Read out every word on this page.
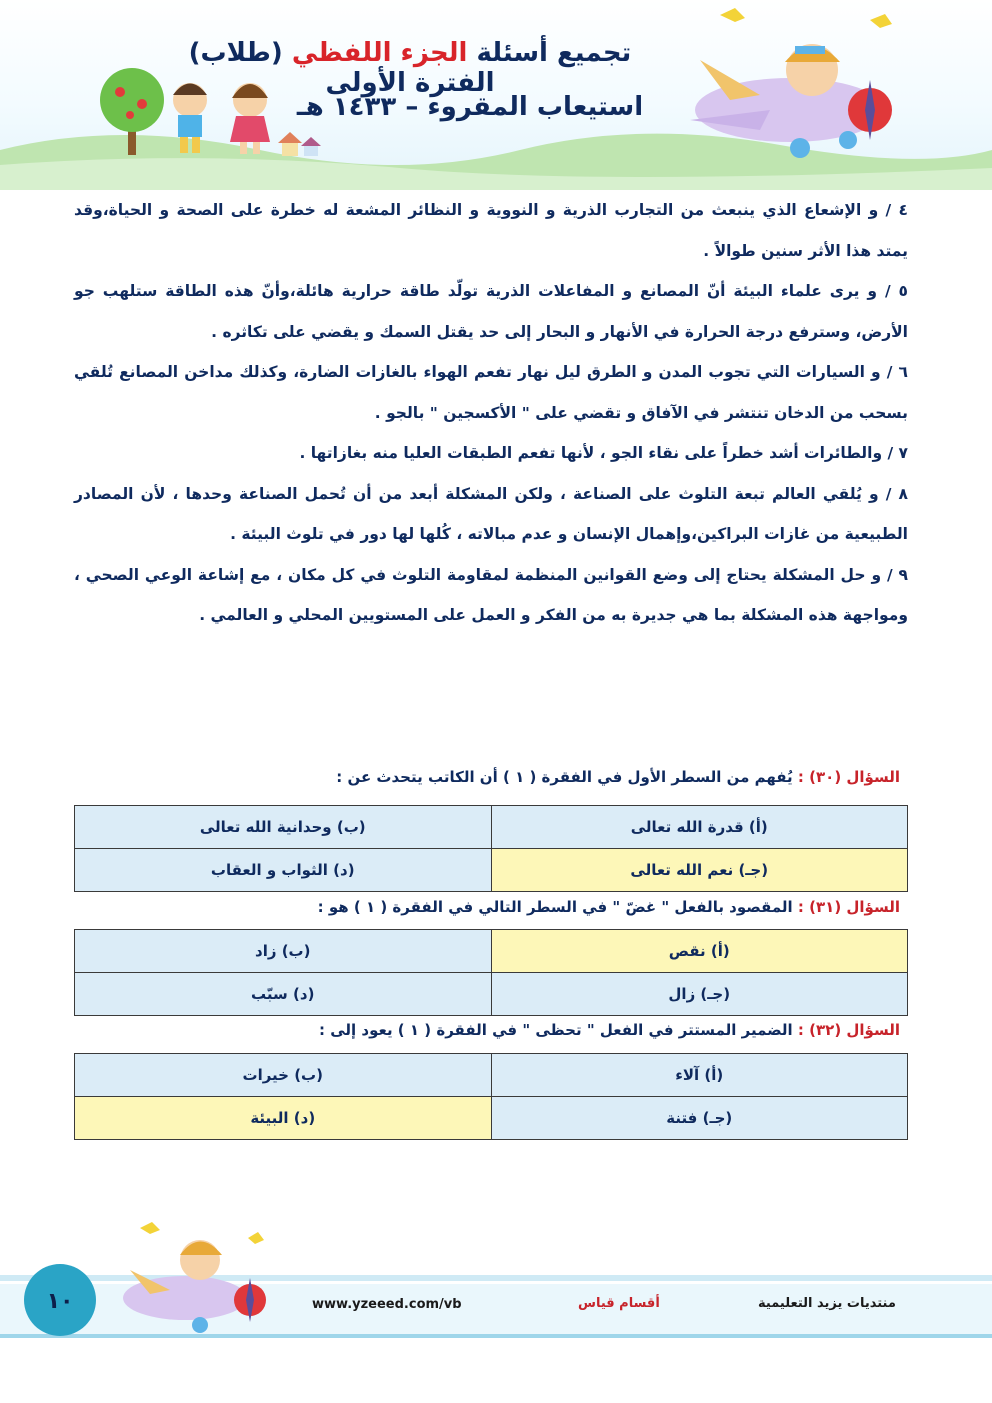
تجميع أسئلة الجزء اللفظي (طلاب) الفترة الأولى
استيعاب المقروء – ١٤٣٣ هـ

٤ / و الإشعاع الذي ينبعث من التجارب الذرية و النووية و النظائر المشعة له خطرة على الصحة و الحياة،وقد يمتد هذا الأثر سنين طوالاً .

٥ / و يرى علماء البيئة أنّ المصانع و المفاعلات الذرية تولّد طاقة حرارية هائلة،وأنّ هذه الطاقة ستلهب جو الأرض، وسترفع درجة الحرارة في الأنهار و البحار إلى حد يقتل السمك و يقضي على تكاثره .

٦ / و السيارات التي تجوب المدن و الطرق ليل نهار تفعم الهواء بالغازات الضارة، وكذلك مداخن المصانع تُلقي بسحب من الدخان تنتشر في الآفاق و تقضي على " الأكسجين " بالجو .

٧ / والطائرات أشد خطراً على نقاء الجو ، لأنها تفعم الطبقات العليا منه بغازاتها .

٨ / و يُلقي العالم تبعة التلوث على الصناعة ، ولكن المشكلة أبعد من أن تُحمل الصناعة وحدها ، لأن المصادر الطبيعية من غازات البراكين،وإهمال الإنسان و عدم مبالاته ، كُلها لها دور في تلوث البيئة .

٩ / و حل المشكلة يحتاج إلى وضع القوانين المنظمة لمقاومة التلوث في كل مكان ، مع إشاعة الوعي الصحي ، ومواجهة هذه المشكلة بما هي جديرة به من الفكر و العمل على المستويين المحلي و العالمي .

السؤال (٣٠) : يُفهم من السطر الأول في الفقرة ( ١ ) أن الكاتب يتحدث عن :
(أ) قدرة الله تعالى	(ب) وحدانية الله تعالى
(جـ) نعم الله تعالى	(د) الثواب و العقاب
السؤال (٣١) : المقصود بالفعل " غضّ " في السطر التالي في الفقرة ( ١ ) هو :
(أ) نقص	(ب) زاد
(جـ) زال	(د) سبّب
السؤال (٣٢) : الضمير المستتر في الفعل " تحظى " في الفقرة ( ١ ) يعود إلى :
(أ) آلاء	(ب) خيرات
(جـ) فتنة	(د) البيئة
١٠	www.yzeeed.com/vb	أقسام قياس	منتديات يزيد التعليمية
